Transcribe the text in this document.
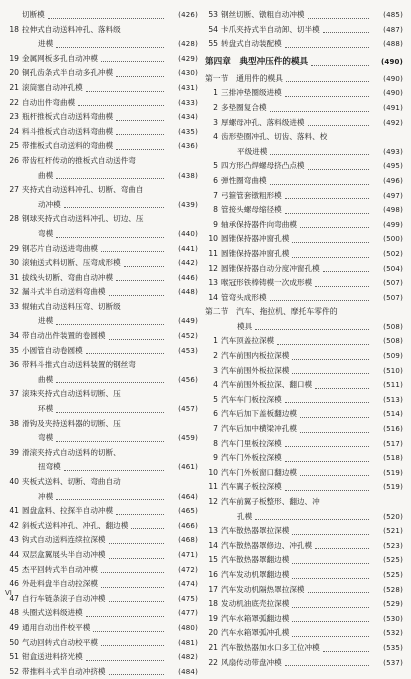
切断模	(426)
18 拉伸式自动送料冲孔、落料级
进模	(428)
19 金属网板多孔自动冲模	(429)
20 铜孔齿条式半自动多孔冲模	(430)
21 滚筒塞自动冲孔模	(431)
22 自动出件弯曲模	(433)
23 瓶杆推板式自动送料弯曲模	(434)
24 料斗推板式自动送料弯曲模	(435)
25 带推板式自动送料的弯曲模	(436)
26 带齿杠杆传动的推板式自动送件弯
曲模	(438)
27 夹持式自动送料冲孔、切断、弯曲自
动冲模	(439)
28 钢球夹持式自动送料冲孔、切边、压
弯模	(440)
29 钢芯片自动送进弯曲模	(441)
30 滚轴送式料切断、压弯成形模	(442)
31 拔线头切断、弯曲自动冲模	(446)
32 漏斗式半自动送料弯曲模	(448)
33 辊轴式自动送料压弯、切断级
进模	(449)
34 带自动出件装置的卷圆模	(452)
35 小圆管自动卷圆模	(453)
36 带料斗推式自动送料装置的钢丝弯
曲模	(456)
37 滚珠夹持式自动送料切断、压
环模	(457)
38 滑钩及夹持送料器的切断、压
弯模	(459)
39 滑滚夹持式自动送料的切断、
扭弯模	(461)
40 夹板式送料、切断、弯曲自动
冲模	(464)
41 圆盘盒料、拉探半自动冲模	(465)
42 斜板式送料冲孔、冲孔、翻边模	(466)
43 钩式自动送料连续拉深模	(468)
44 双层盒翼展头半自动冲模	(471)
45 杰平回转式半自动冲模	(472)
46 外赴料盘半自动拉深模	(474)
47 自行车链条滚子自动冲模	(475)
48 头圈式送料级进模	(477)
49 通用自动出件校平模	(480)
50 气动回转式自动校平模	(481)
51 钳盒送进料挤光模	(482)
52 带推料斗式半自动冲挤模	(484)
53 钢丝切断、镦粗自动冲模	(485)
54 卡爪夹持式半自动卸、切半模	(487)
55 转盘式自动装配模	(488)
第四章　典型冲压件的模具	(490)
第一节　通用件的模具	(490)
1 三排冲垫圈级进模	(490)
2 多垫圈复合模	(491)
3 厚螺母冲孔、落料级进模	(492)
4 齿形垫圈冲孔、切齿、落料、校
平级进模	(493)
5 四方形凸焊螺母挤凸点模	(495)
6 弹性圈弯曲模	(496)
7 弓箍管套镦粗形模	(497)
8 管接头螺母缩径模	(498)
9 轴承保持器件向弯曲模	(499)
10 圆锥保持器冲窗孔模	(500)
11 圆锥保持器冲窗孔模	(502)
12 圆锥保持器自动分度冲窗孔模	(504)
13 喉冠形铁棒铸模一次成形模	(507)
14 管弯头成形模	(507)
第二节　汽车、拖拉机、摩托车零件的
模具	(508)
1 汽车顶盖拉深模	(508)
2 汽车前围内板拉深模	(509)
3 汽车前围外板拉深模	(510)
4 汽车前围外板拉深、翻口模	(511)
5 汽车车门板拉深模	(513)
6 汽车后加下盖板翻边模	(514)
7 汽车后加中横梁冲孔模	(516)
8 汽车门里板拉深模	(517)
9 汽车门外板拉深模	(518)
10 汽车门外板窗口翻边模	(519)
11 汽车翼子板拉深模	(519)
12 汽车前翼子板整形、翻边、冲
孔模	(520)
13 汽车散热器罩拉深模	(521)
14 汽车散热器罩修边、冲孔模	(523)
15 汽车散热器罩翻边模	(525)
16 汽车发动机罩翻边模	(525)
17 汽车发动机隔热罩拉深模	(528)
18 发动机油底壳拉深模	(529)
19 汽车水箱罩弧翻边模	(530)
20 汽车水箱罩弧冲孔模	(532)
21 汽车散热器加水口多工位冲模	(535)
22 风扇传动带盘冲模	(537)
VI
